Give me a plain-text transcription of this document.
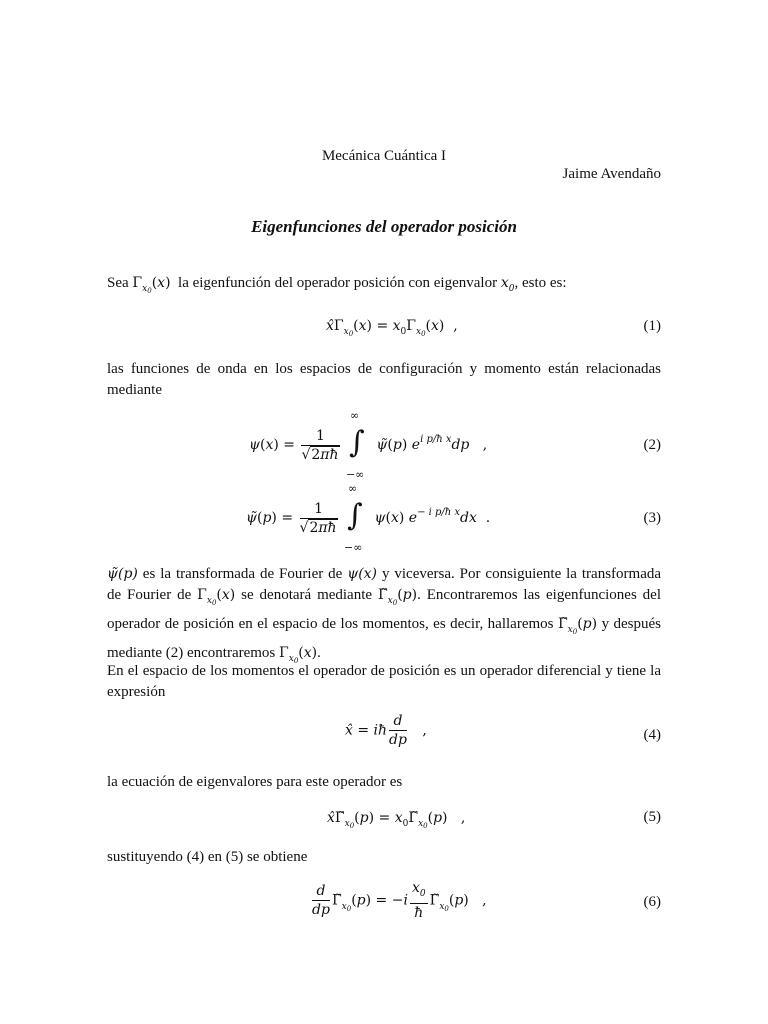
Mecánica Cuántica I
Jaime Avendaño
Eigenfunciones del operador posición
Sea $\Gamma_{x_0}(x)$ la eigenfunción del operador posición con eigenvalor $x_0$, esto es:
$x̂\Gamma_{x_0}(x) = x_0\Gamma_{x_0}(x)$  ,	(1)
las funciones de onda en los espacios de configuración y momento están relacionadas mediante
$\psi(x) = \frac{1}{√2\pi ħ}$

∞
∫
−∞
ψ̃(p) $e^{i p/ħ x}dp$   ,	(2)
ψ̃(p) = $\frac{1}{√2\pi ħ}$

∞
∫
−∞
ψ(x) $e^{- i p/ħ x}dx$  .	(3)
ψ̃(p) es la transformada de Fourier de ψ(x) y viceversa. Por consiguiente la transformada de Fourier de $\Gamma_{x_0}(x)$ se denotará mediante $\Gammã_{x_0}(p)$. Encontraremos las eigenfunciones del operador de posición en el espacio de los momentos, es decir, hallaremos $\Gammã_{x_0}(p)$ y después mediante (2) encontraremos $\Gamma_{x_0}(x)$.
En el espacio de los momentos el operador de posición es un operador diferencial y tiene la expresión
x̂ = iħ $\frac{d}{dp}$ ,	(4)
la ecuación de eigenvalores para este operador es
$x̂\Gammã_{x_0}(p)$ = $x_0\Gammã_{x_0}(p)$   ,	(5)
sustituyendo (4) en (5) se obtiene
$\frac{d}{dp}$ $\Gammã_{x_0}(p) = -i \frac{x_0}{ħ}$ $\Gammã_{x_0}(p)$   ,	(6)
